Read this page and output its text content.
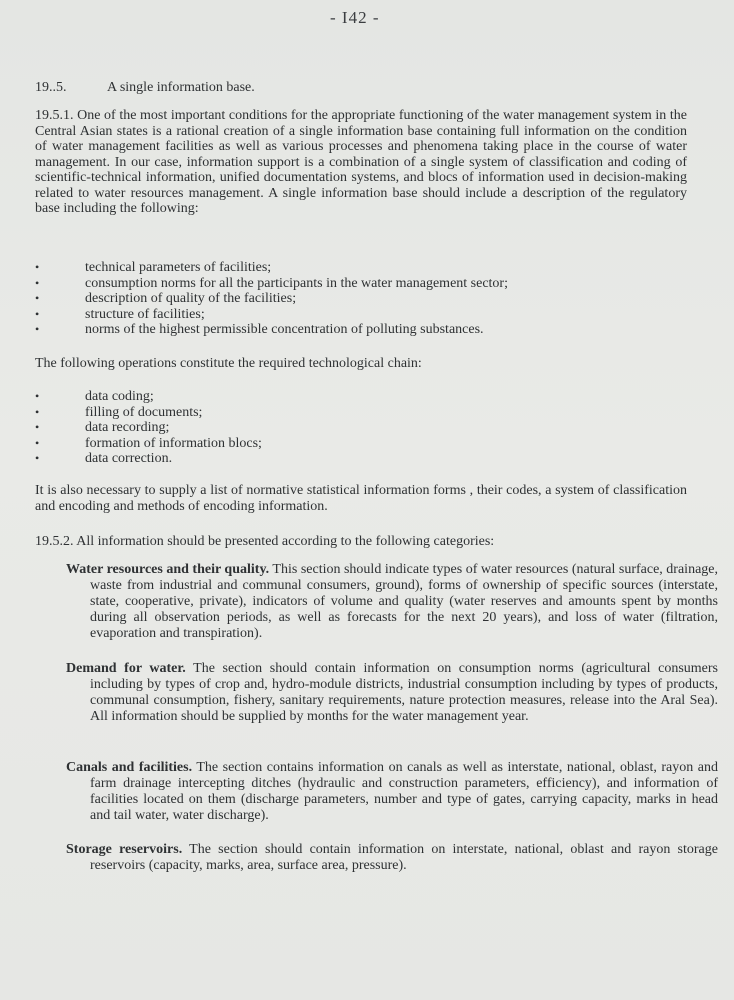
- I42 -
19..5.	A single information base.

19.5.1. One of the most important conditions for the appropriate functioning of the water management system in the Central Asian states is a rational creation of a single information base containing full information on the condition of water management facilities as well as various processes and phenomena taking place in the course of water management. In our case, information support is a combination of a single system of classification and coding of scientific-technical information, unified documentation systems, and blocs of information used in decision-making related to water resources management. A single information base should include a description of the regulatory base including the following:

• technical parameters of facilities;
• consumption norms for all the participants in the water management sector;
• description of quality of the facilities;
• structure of facilities;
• norms of the highest permissible concentration of polluting substances.

The following operations constitute the required technological chain:

• data coding;
• filling of documents;
• data recording;
• formation of information blocs;
• data correction.

It is also necessary to supply a list of normative statistical information forms , their codes, a system of classification and encoding and methods of encoding information.

19.5.2. All information should be presented according to the following categories:

Water resources and their quality. This section should indicate types of water resources (natural surface, drainage, waste from industrial and communal consumers, ground), forms of ownership of specific sources (interstate, state, cooperative, private), indicators of volume and quality (water reserves and amounts spent by months during all observation periods, as well as forecasts for the next 20 years), and loss of water (filtration, evaporation and transpiration).

Demand for water. The section should contain information on consumption norms (agricultural consumers including by types of crop and, hydro-module districts, industrial consumption including by types of products, communal consumption, fishery, sanitary requirements, nature protection measures, release into the Aral Sea). All information should be supplied by months for the water management year.

Canals and facilities. The section contains information on canals as well as interstate, national, oblast, rayon and farm drainage intercepting ditches (hydraulic and construction parameters, efficiency), and information of facilities located on them (discharge parameters, number and type of gates, carrying capacity, marks in head and tail water, water discharge).

Storage reservoirs. The section should contain information on interstate, national, oblast and rayon storage reservoirs (capacity, marks, area, surface area, pressure).
